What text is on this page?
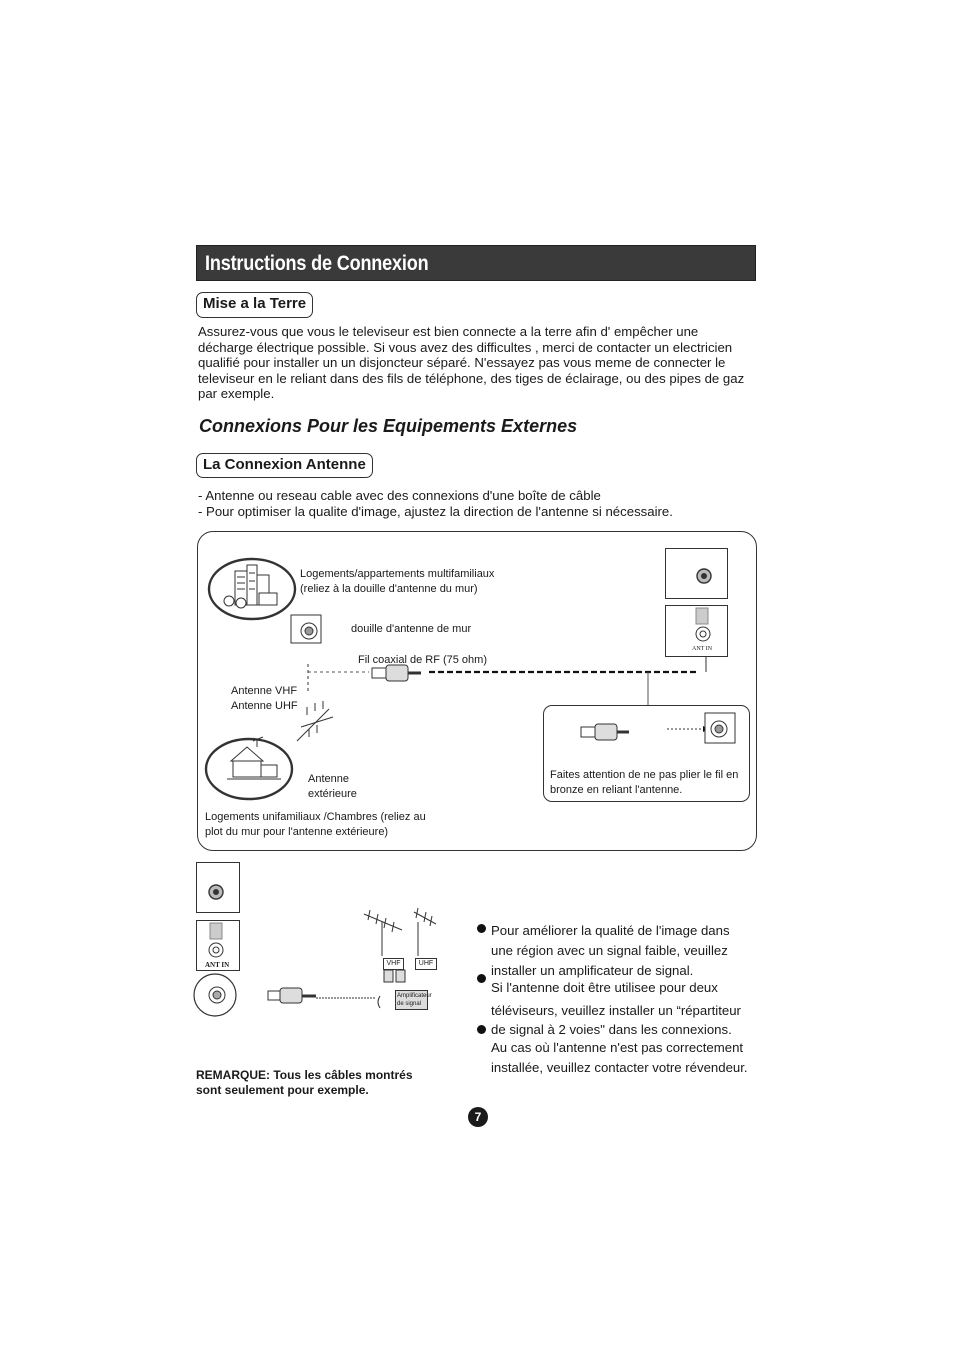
Instructions de Connexion
Mise a la Terre
Assurez-vous que vous le televiseur est bien connecte a la terre afin d' empêcher une
décharge électrique possible. Si vous avez des difficultes , merci de contacter un electricien
qualifié pour installer un un disjoncteur séparé. N'essayez pas vous meme de connecter le
televiseur en le reliant dans des fils de téléphone, des tiges de éclairage, ou des pipes de gaz
par exemple.
Connexions Pour les Equipements Externes
La Connexion Antenne
- Antenne ou reseau cable avec des connexions d'une boîte de câble
- Pour optimiser la qualite d'image, ajustez la direction de l'antenne si nécessaire.
ANT IN
Logements/appartements multifamiliaux
(reliez à la douille d'antenne du mur)
douille d'antenne de mur
Fil coaxial de RF (75 ohm)
Antenne VHF
Antenne UHF
Antenne
extérieure
Logements unifamiliaux /Chambres (reliez au
plot du mur pour l'antenne extérieure)
Faites attention de ne pas plier le fil en
bronze en reliant l'antenne.
ANT IN	VHF	UHF
Amplificateur
de signal
Pour améliorer la qualité de l'image dans
une région avec un signal faible, veuillez
installer un amplificateur de signal.
Si l'antenne doit être utilisee pour deux
téléviseurs, veuillez installer un “répartiteur
de signal à 2 voies" dans les connexions.
Au cas où l'antenne n'est pas correctement
installée, veuillez contacter votre révendeur.
REMARQUE: Tous les câbles montrés
sont seulement pour exemple.
7
